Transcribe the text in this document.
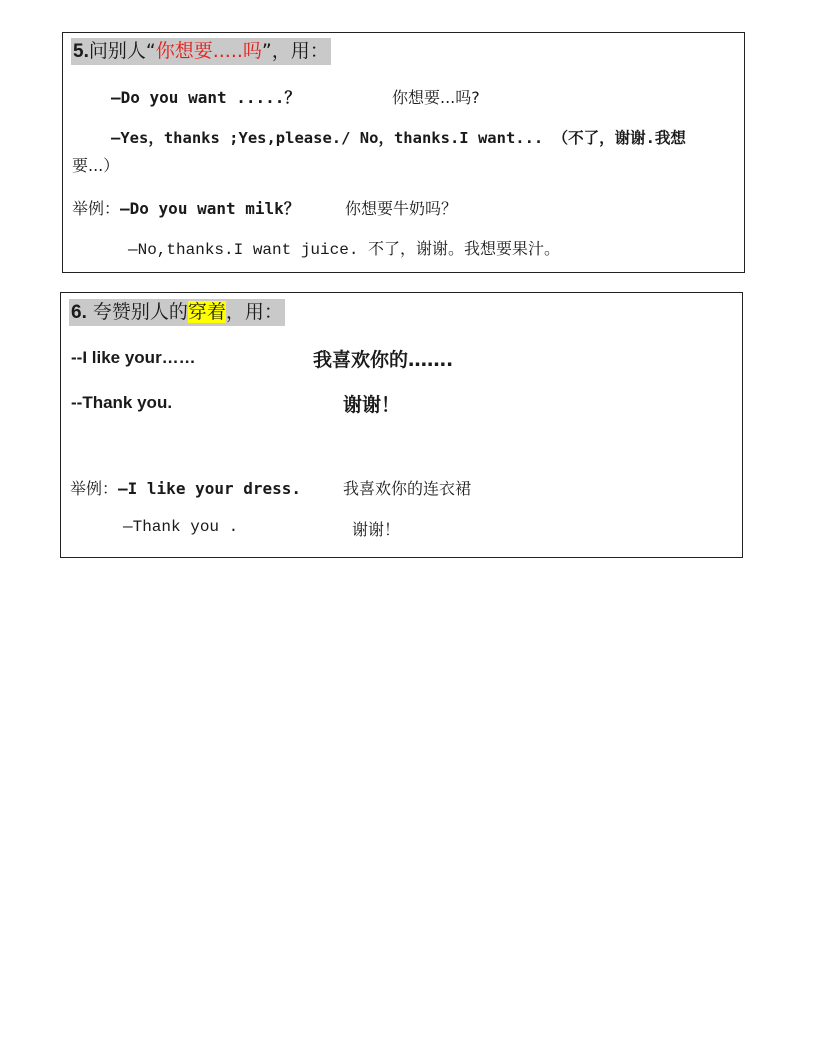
5.问别人“你想要.....吗”，用：
—Do you want .....？	你想要...吗?
—Yes，thanks ;Yes,please./ No，thanks.I want... （不了，谢谢.我想
要...）
举例：—Do you want milk？	你想要牛奶吗？
—No,thanks.I want juice. 不了，谢谢。我想要果汁。
6. 夸赞别人的穿着，用：
--I like your……	我喜欢你的…….
--Thank you.	谢谢！
举例：—I like your dress.	我喜欢你的连衣裙
—Thank you .	谢谢！
